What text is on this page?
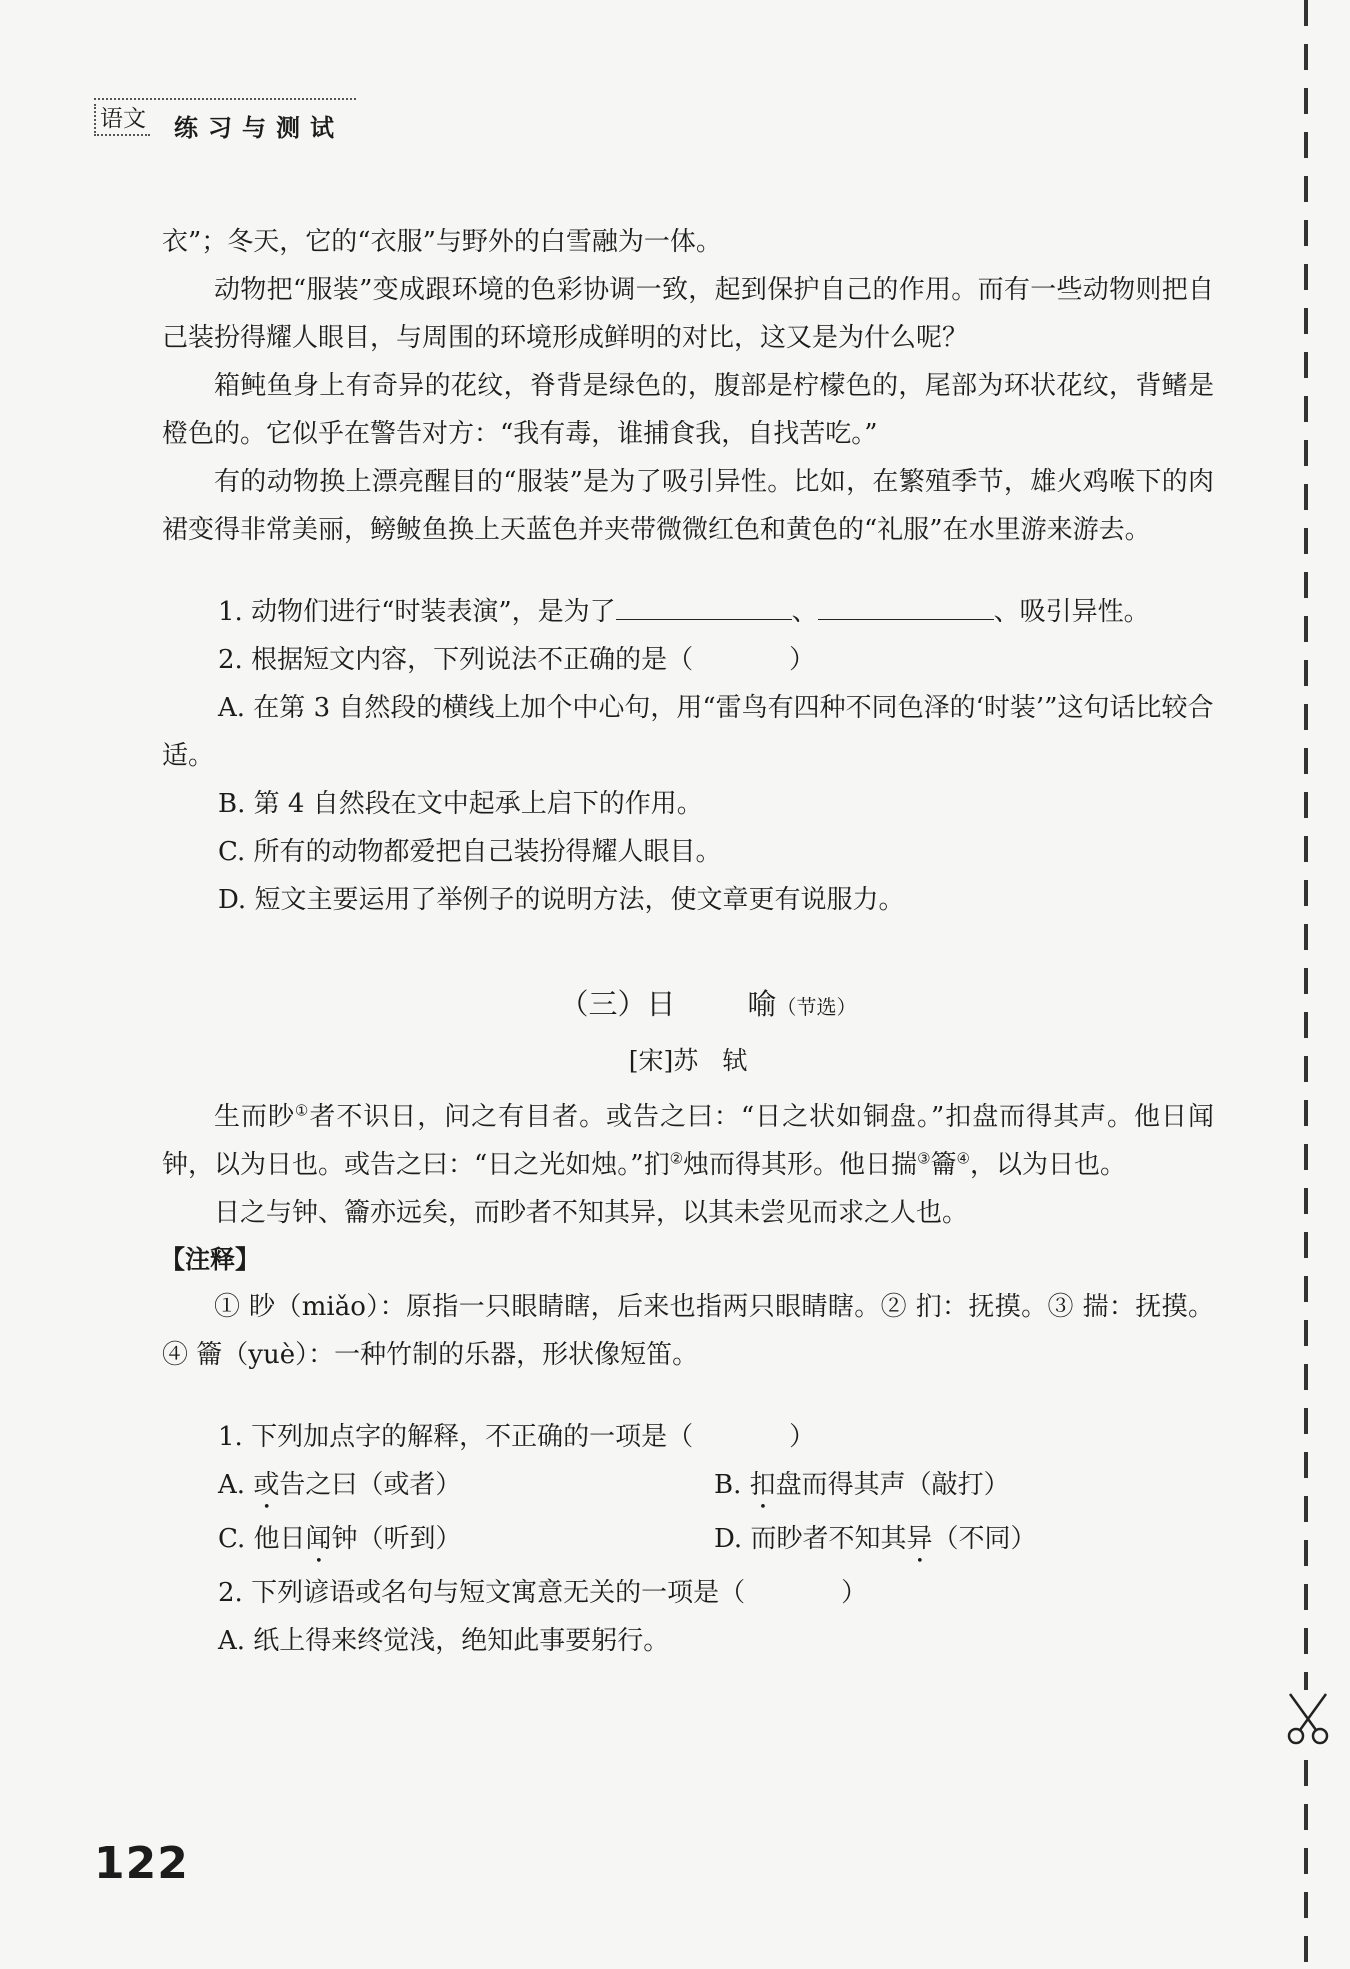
语文 练习与测试

衣”；冬天，它的“衣服”与野外的白雪融为一体。

动物把“服装”变成跟环境的色彩协调一致，起到保护自己的作用。而有一些动物则把自己装扮得耀人眼目，与周围的环境形成鲜明的对比，这又是为什么呢？

箱鲀鱼身上有奇异的花纹，脊背是绿色的，腹部是柠檬色的，尾部为环状花纹，背鳍是橙色的。它似乎在警告对方：“我有毒，谁捕食我，自找苦吃。”

有的动物换上漂亮醒目的“服装”是为了吸引异性。比如，在繁殖季节，雄火鸡喉下的肉裙变得非常美丽，鳑鲏鱼换上天蓝色并夹带微微红色和黄色的“礼服”在水里游来游去。

1. 动物们进行“时装表演”，是为了	、	、吸引异性。

2. 根据短文内容，下列说法不正确的是（	）

A. 在第 3 自然段的横线上加个中心句，用“雷鸟有四种不同色泽的‘时装’”这句话比较合适。

B. 第 4 自然段在文中起承上启下的作用。

C. 所有的动物都爱把自己装扮得耀人眼目。

D. 短文主要运用了举例子的说明方法，使文章更有说服力。

（三）日 喻（节选）

[宋]苏 轼

生而眇①者不识日，问之有目者。或告之曰：“日之状如铜盘。”扣盘而得其声。他日闻钟，以为日也。或告之曰：“日之光如烛。”扪②烛而得其形。他日揣③籥④，以为日也。

日之与钟、籥亦远矣，而眇者不知其异，以其未尝见而求之人也。

【注释】

① 眇（miǎo）：原指一只眼睛瞎，后来也指两只眼睛瞎。② 扪：抚摸。③ 揣：抚摸。④ 籥（yuè）：一种竹制的乐器，形状像短笛。

1. 下列加点字的解释，不正确的一项是（	）

A. 或告之曰（或者）	B. 扣盘而得其声（敲打）

C. 他日闻钟（听到）	D. 而眇者不知其异（不同）

2. 下列谚语或名句与短文寓意无关的一项是（	）

A. 纸上得来终觉浅，绝知此事要躬行。

122
